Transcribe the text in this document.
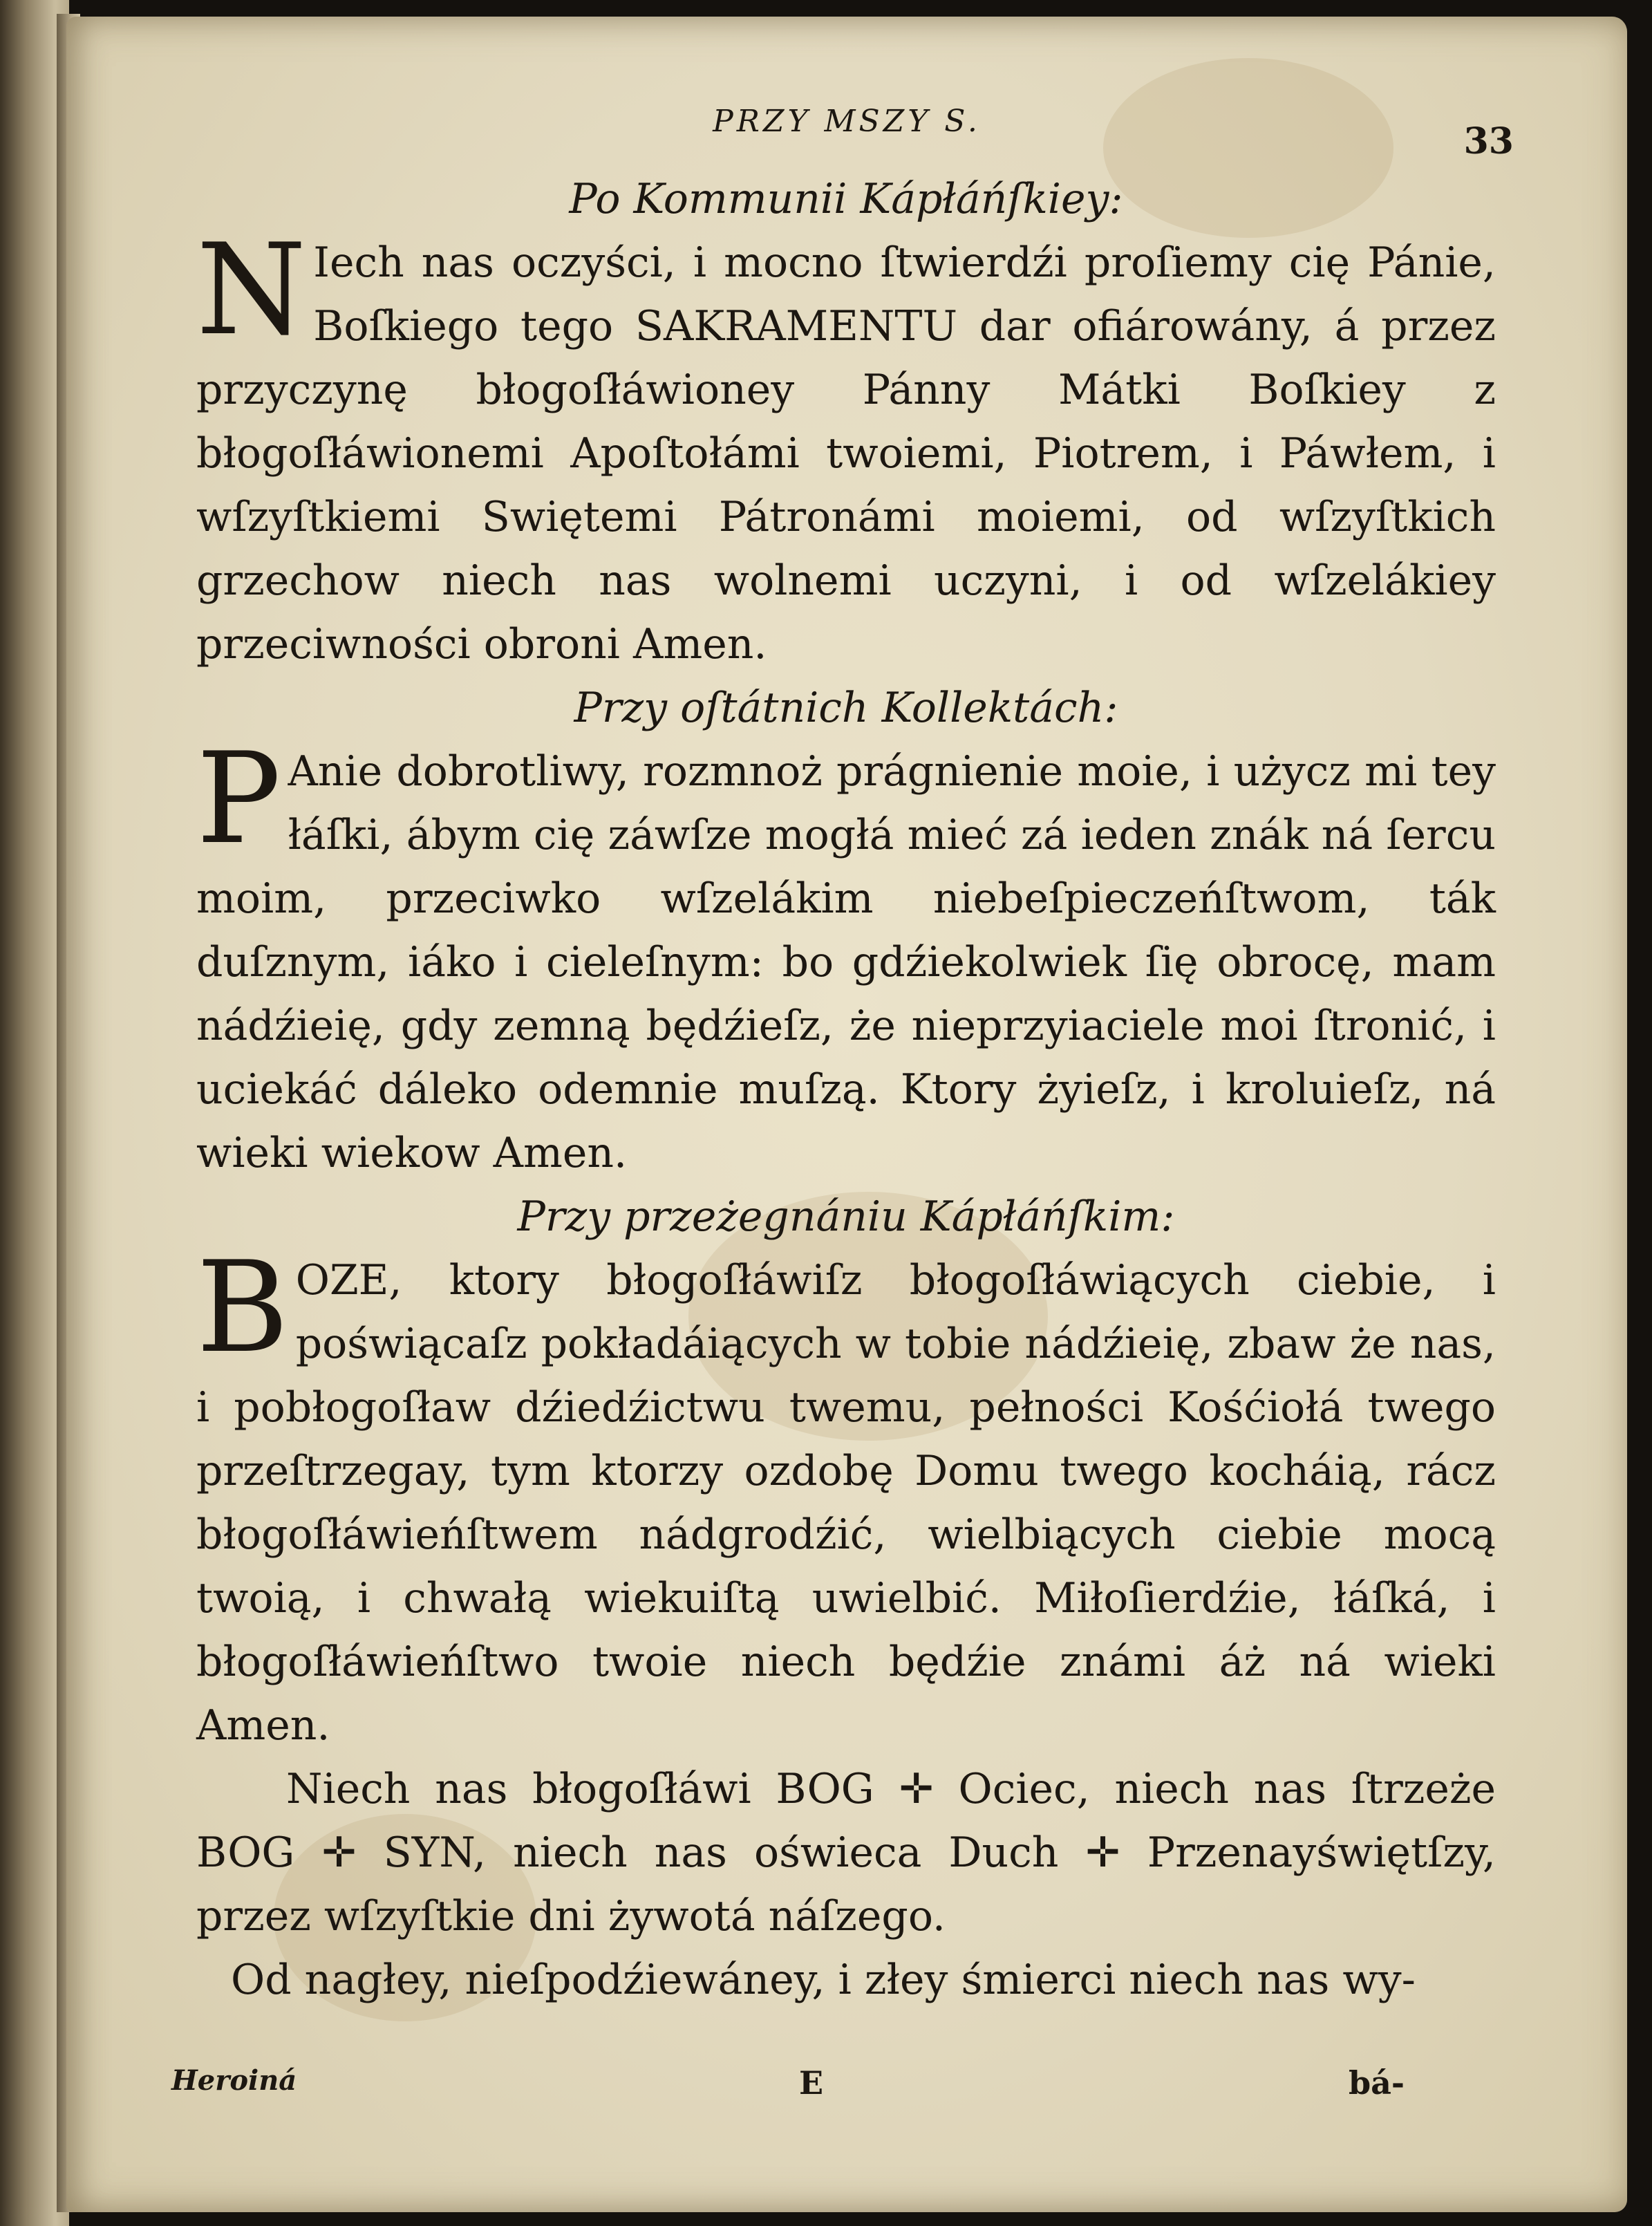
PRZY MSZY S.	33

Po Kommunii Kápłáńſkiey:

N Iech nas oczyści, i mocno ſtwierdźi proſiemy cię Pánie, Boſkiego tego SAKRAMENTU dar ofiárowány, á przez przyczynę błogoſłáwioney Pánny Mátki Boſkiey z błogoſłáwionemi Apoſtołámi twoiemi, Piotrem, i Páwłem, i wſzyſtkiemi Swiętemi Pátronámi moiemi, od wſzyſtkich grzechow niech nas wolnemi uczyni, i od wſzelákiey przeciwności obroni Amen.

Przy oſtátnich Kollektách:

P Anie dobrotliwy, rozmnoż prágnienie moie, i użycz mi tey łáſki, ábym cię záwſze mogłá mieć zá ieden znák ná ſercu moim, przeciwko wſzelákim niebeſpieczeńſtwom, ták duſznym, iáko i cieleſnym: bo gdźiekolwiek ſię obrocę, mam nádźieię, gdy zemną będźieſz, że nieprzyiaciele moi ſtronić, i uciekáć dáleko odemnie muſzą. Ktory żyieſz, i kroluieſz, ná wieki wiekow Amen.

Przy przeżegnániu Kápłáńſkim:

BOZE, ktory błogoſłáwiſz błogoſłáwiących ciebie, i poświącaſz pokładáiących w tobie nádźieię, zbaw że nas, i pobłogoſław dźiedźictwu twemu, pełności Kośćiołá twego przeſtrzegay, tym ktorzy ozdobę Domu twego kocháią, rácz błogoſłáwieńſtwem nádgrodźić, wielbiących ciebie mocą twoią, i chwałą wiekuiſtą uwielbić. Miłoſierdźie, łáſká, i błogoſłáwieńſtwo twoie niech będźie známi áż ná wieki Amen.

Niech nas błogoſłáwi BOG ✛ Ociec, niech nas ſtrzeże BOG ✛ SYN, niech nas oświeca Duch ✛ Przenayświętſzy, przez wſzyſtkie dni żywotá náſzego.

Od nagłey, nieſpodźiewáney, i złey śmierci niech nas wy-

Heroiná	E	bá-
